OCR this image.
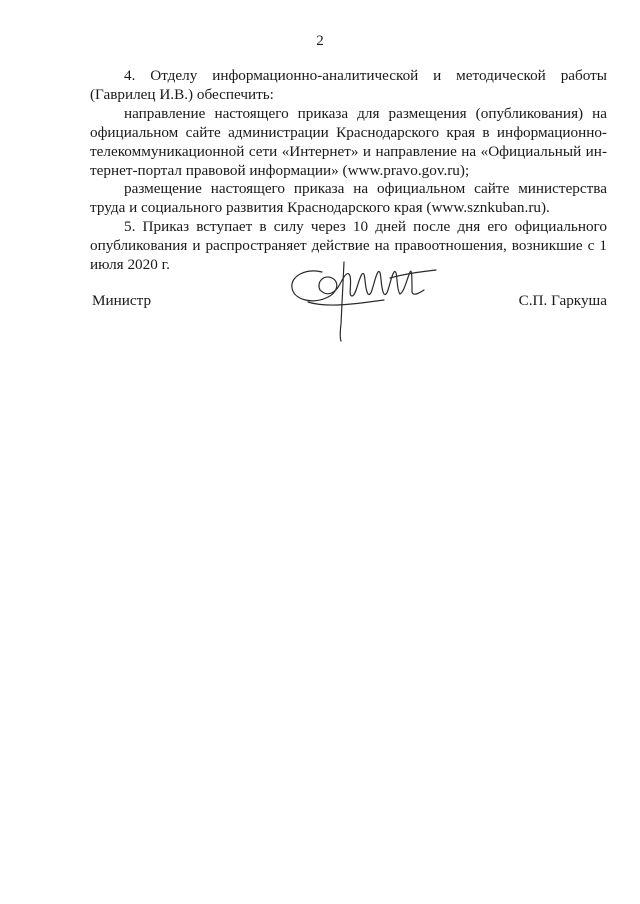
2

4. Отделу информационно-аналитической и методической работы (Гаврилец И.В.) обеспечить:

направление настоящего приказа для размещения (опубликования) на официальном сайте администрации Краснодарского края в информационно-телекоммуникационной сети «Интернет» и направление на «Официальный интернет-портал правовой информации» (www.pravo.gov.ru);

размещение настоящего приказа на официальном сайте министерства труда и социального развития Краснодарского края (www.sznkuban.ru).

5. Приказ вступает в силу через 10 дней после дня его официального опубликования и распространяет действие на правоотношения, возникшие с 1 июля 2020 г.

Министр	С.П. Гаркуша
